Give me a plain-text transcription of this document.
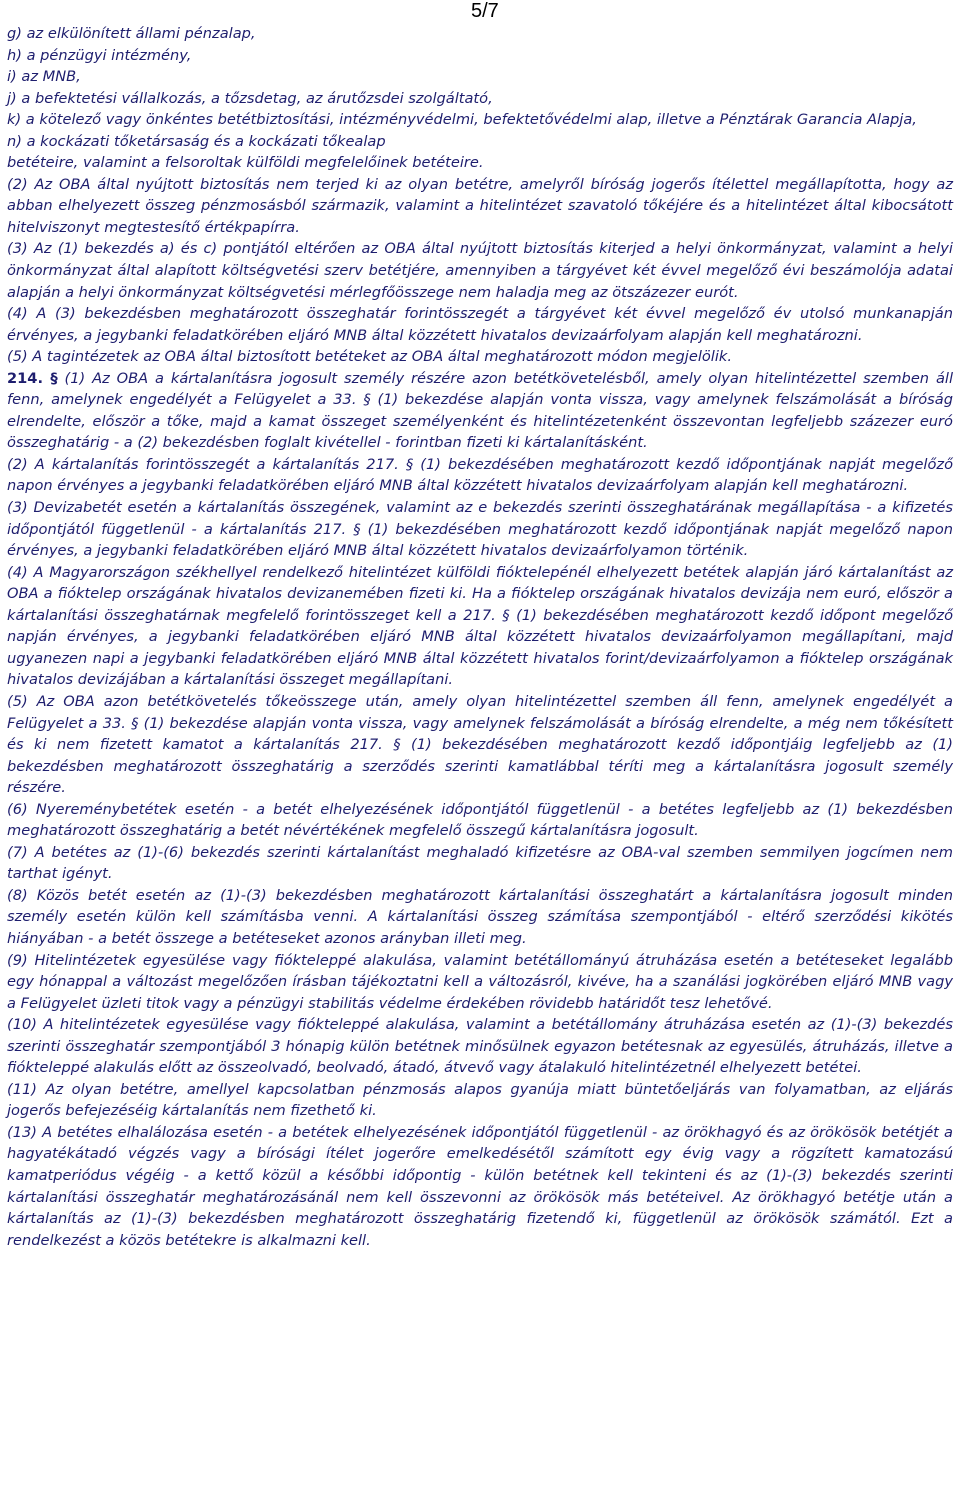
5/7

g) az elkülönített állami pénzalap,

h) a pénzügyi intézmény,

i) az MNB,

j) a befektetési vállalkozás, a tőzsdetag, az árutőzsdei szolgáltató,

k) a kötelező vagy önkéntes betétbiztosítási, intézményvédelmi, befektetővédelmi alap, illetve a Pénztárak Garancia Alapja,

n) a kockázati tőketársaság és a kockázati tőkealap

betéteire, valamint a felsoroltak külföldi megfelelőinek betéteire.

(2) Az OBA által nyújtott biztosítás nem terjed ki az olyan betétre, amelyről bíróság jogerős ítélettel megállapította, hogy az abban elhelyezett összeg pénzmosásból származik, valamint a hitelintézet szavatoló tőkéjére és a hitelintézet által kibocsátott hitelviszonyt megtestesítő értékpapírra.

(3) Az (1) bekezdés a) és c) pontjától eltérően az OBA által nyújtott biztosítás kiterjed a helyi önkormányzat, valamint a helyi önkormányzat által alapított költségvetési szerv betétjére, amennyiben a tárgyévet két évvel megelőző évi beszámolója adatai alapján a helyi önkormányzat költségvetési mérlegfőösszege nem haladja meg az ötszázezer eurót.

(4) A (3) bekezdésben meghatározott összeghatár forintösszegét a tárgyévet két évvel megelőző év utolsó munkanapján érvényes, a jegybanki feladatkörében eljáró MNB által közzétett hivatalos devizaárfolyam alapján kell meghatározni.

(5) A tagintézetek az OBA által biztosított betéteket az OBA által meghatározott módon megjelölik.

214. § (1) Az OBA a kártalanításra jogosult személy részére azon betétkövetelésből, amely olyan hitelintézettel szemben áll fenn, amelynek engedélyét a Felügyelet a 33. § (1) bekezdése alapján vonta vissza, vagy amelynek felszámolását a bíróság elrendelte, először a tőke, majd a kamat összeget személyenként és hitelintézetenként összevontan legfeljebb százezer euró összeghatárig - a (2) bekezdésben foglalt kivétellel - forintban fizeti ki kártalanításként.

(2) A kártalanítás forintösszegét a kártalanítás 217. § (1) bekezdésében meghatározott kezdő időpontjának napját megelőző napon érvényes a jegybanki feladatkörében eljáró MNB által közzétett hivatalos devizaárfolyam alapján kell meghatározni.

(3) Devizabetét esetén a kártalanítás összegének, valamint az e bekezdés szerinti összeghatárának megállapítása - a kifizetés időpontjától függetlenül - a kártalanítás 217. § (1) bekezdésében meghatározott kezdő időpontjának napját megelőző napon érvényes, a jegybanki feladatkörében eljáró MNB által közzétett hivatalos devizaárfolyamon történik.

(4) A Magyarországon székhellyel rendelkező hitelintézet külföldi fióktelepénél elhelyezett betétek alapján járó kártalanítást az OBA a fióktelep országának hivatalos devizanemében fizeti ki. Ha a fióktelep országának hivatalos devizája nem euró, először a kártalanítási összeghatárnak megfelelő forintösszeget kell a 217. § (1) bekezdésében meghatározott kezdő időpont megelőző napján érvényes, a jegybanki feladatkörében eljáró MNB által közzétett hivatalos devizaárfolyamon megállapítani, majd ugyanezen napi a jegybanki feladatkörében eljáró MNB által közzétett hivatalos forint/devizaárfolyamon a fióktelep országának hivatalos devizájában a kártalanítási összeget megállapítani.

(5) Az OBA azon betétkövetelés tőkeösszege után, amely olyan hitelintézettel szemben áll fenn, amelynek engedélyét a Felügyelet a 33. § (1) bekezdése alapján vonta vissza, vagy amelynek felszámolását a bíróság elrendelte, a még nem tőkésített és ki nem fizetett kamatot a kártalanítás 217. § (1) bekezdésében meghatározott kezdő időpontjáig legfeljebb az (1) bekezdésben meghatározott összeghatárig a szerződés szerinti kamatlábbal téríti meg a kártalanításra jogosult személy részére.

(6) Nyereménybetétek esetén - a betét elhelyezésének időpontjától függetlenül - a betétes legfeljebb az (1) bekezdésben meghatározott összeghatárig a betét névértékének megfelelő összegű kártalanításra jogosult.

(7) A betétes az (1)-(6) bekezdés szerinti kártalanítást meghaladó kifizetésre az OBA-val szemben semmilyen jogcímen nem tarthat igényt.

(8) Közös betét esetén az (1)-(3) bekezdésben meghatározott kártalanítási összeghatárt a kártalanításra jogosult minden személy esetén külön kell számításba venni. A kártalanítási összeg számítása szempontjából - eltérő szerződési kikötés hiányában - a betét összege a betéteseket azonos arányban illeti meg.

(9) Hitelintézetek egyesülése vagy fiókteleppé alakulása, valamint betétállományú átruházása esetén a betéteseket legalább egy hónappal a változást megelőzően írásban tájékoztatni kell a változásról, kivéve, ha a szanálási jogkörében eljáró MNB vagy a Felügyelet üzleti titok vagy a pénzügyi stabilitás védelme érdekében rövidebb határidőt tesz lehetővé.

(10) A hitelintézetek egyesülése vagy fiókteleppé alakulása, valamint a betétállomány átruházása esetén az (1)-(3) bekezdés szerinti összeghatár szempontjából 3 hónapig külön betétnek minősülnek egyazon betétesnak az egyesülés, átruházás, illetve a fiókteleppé alakulás előtt az összeolvadó, beolvadó, átadó, átvevő vagy átalakuló hitelintézetnél elhelyezett betétei.

(11) Az olyan betétre, amellyel kapcsolatban pénzmosás alapos gyanúja miatt büntetőeljárás van folyamatban, az eljárás jogerős befejezéséig kártalanítás nem fizethető ki.

(13) A betétes elhalálozása esetén - a betétek elhelyezésének időpontjától függetlenül - az örökhagyó és az örökösök betétjét a hagyatékátadó végzés vagy a bírósági ítélet jogerőre emelkedésétől számított egy évig vagy a rögzített kamatozású kamatperiódus végéig - a kettő közül a későbbi időpontig - külön betétnek kell tekinteni és az (1)-(3) bekezdés szerinti kártalanítási összeghatár meghatározásánál nem kell összevonni az örökösök más betéteivel. Az örökhagyó betétje után a kártalanítás az (1)-(3) bekezdésben meghatározott összeghatárig fizetendő ki, függetlenül az örökösök számától. Ezt a rendelkezést a közös betétekre is alkalmazni kell.
